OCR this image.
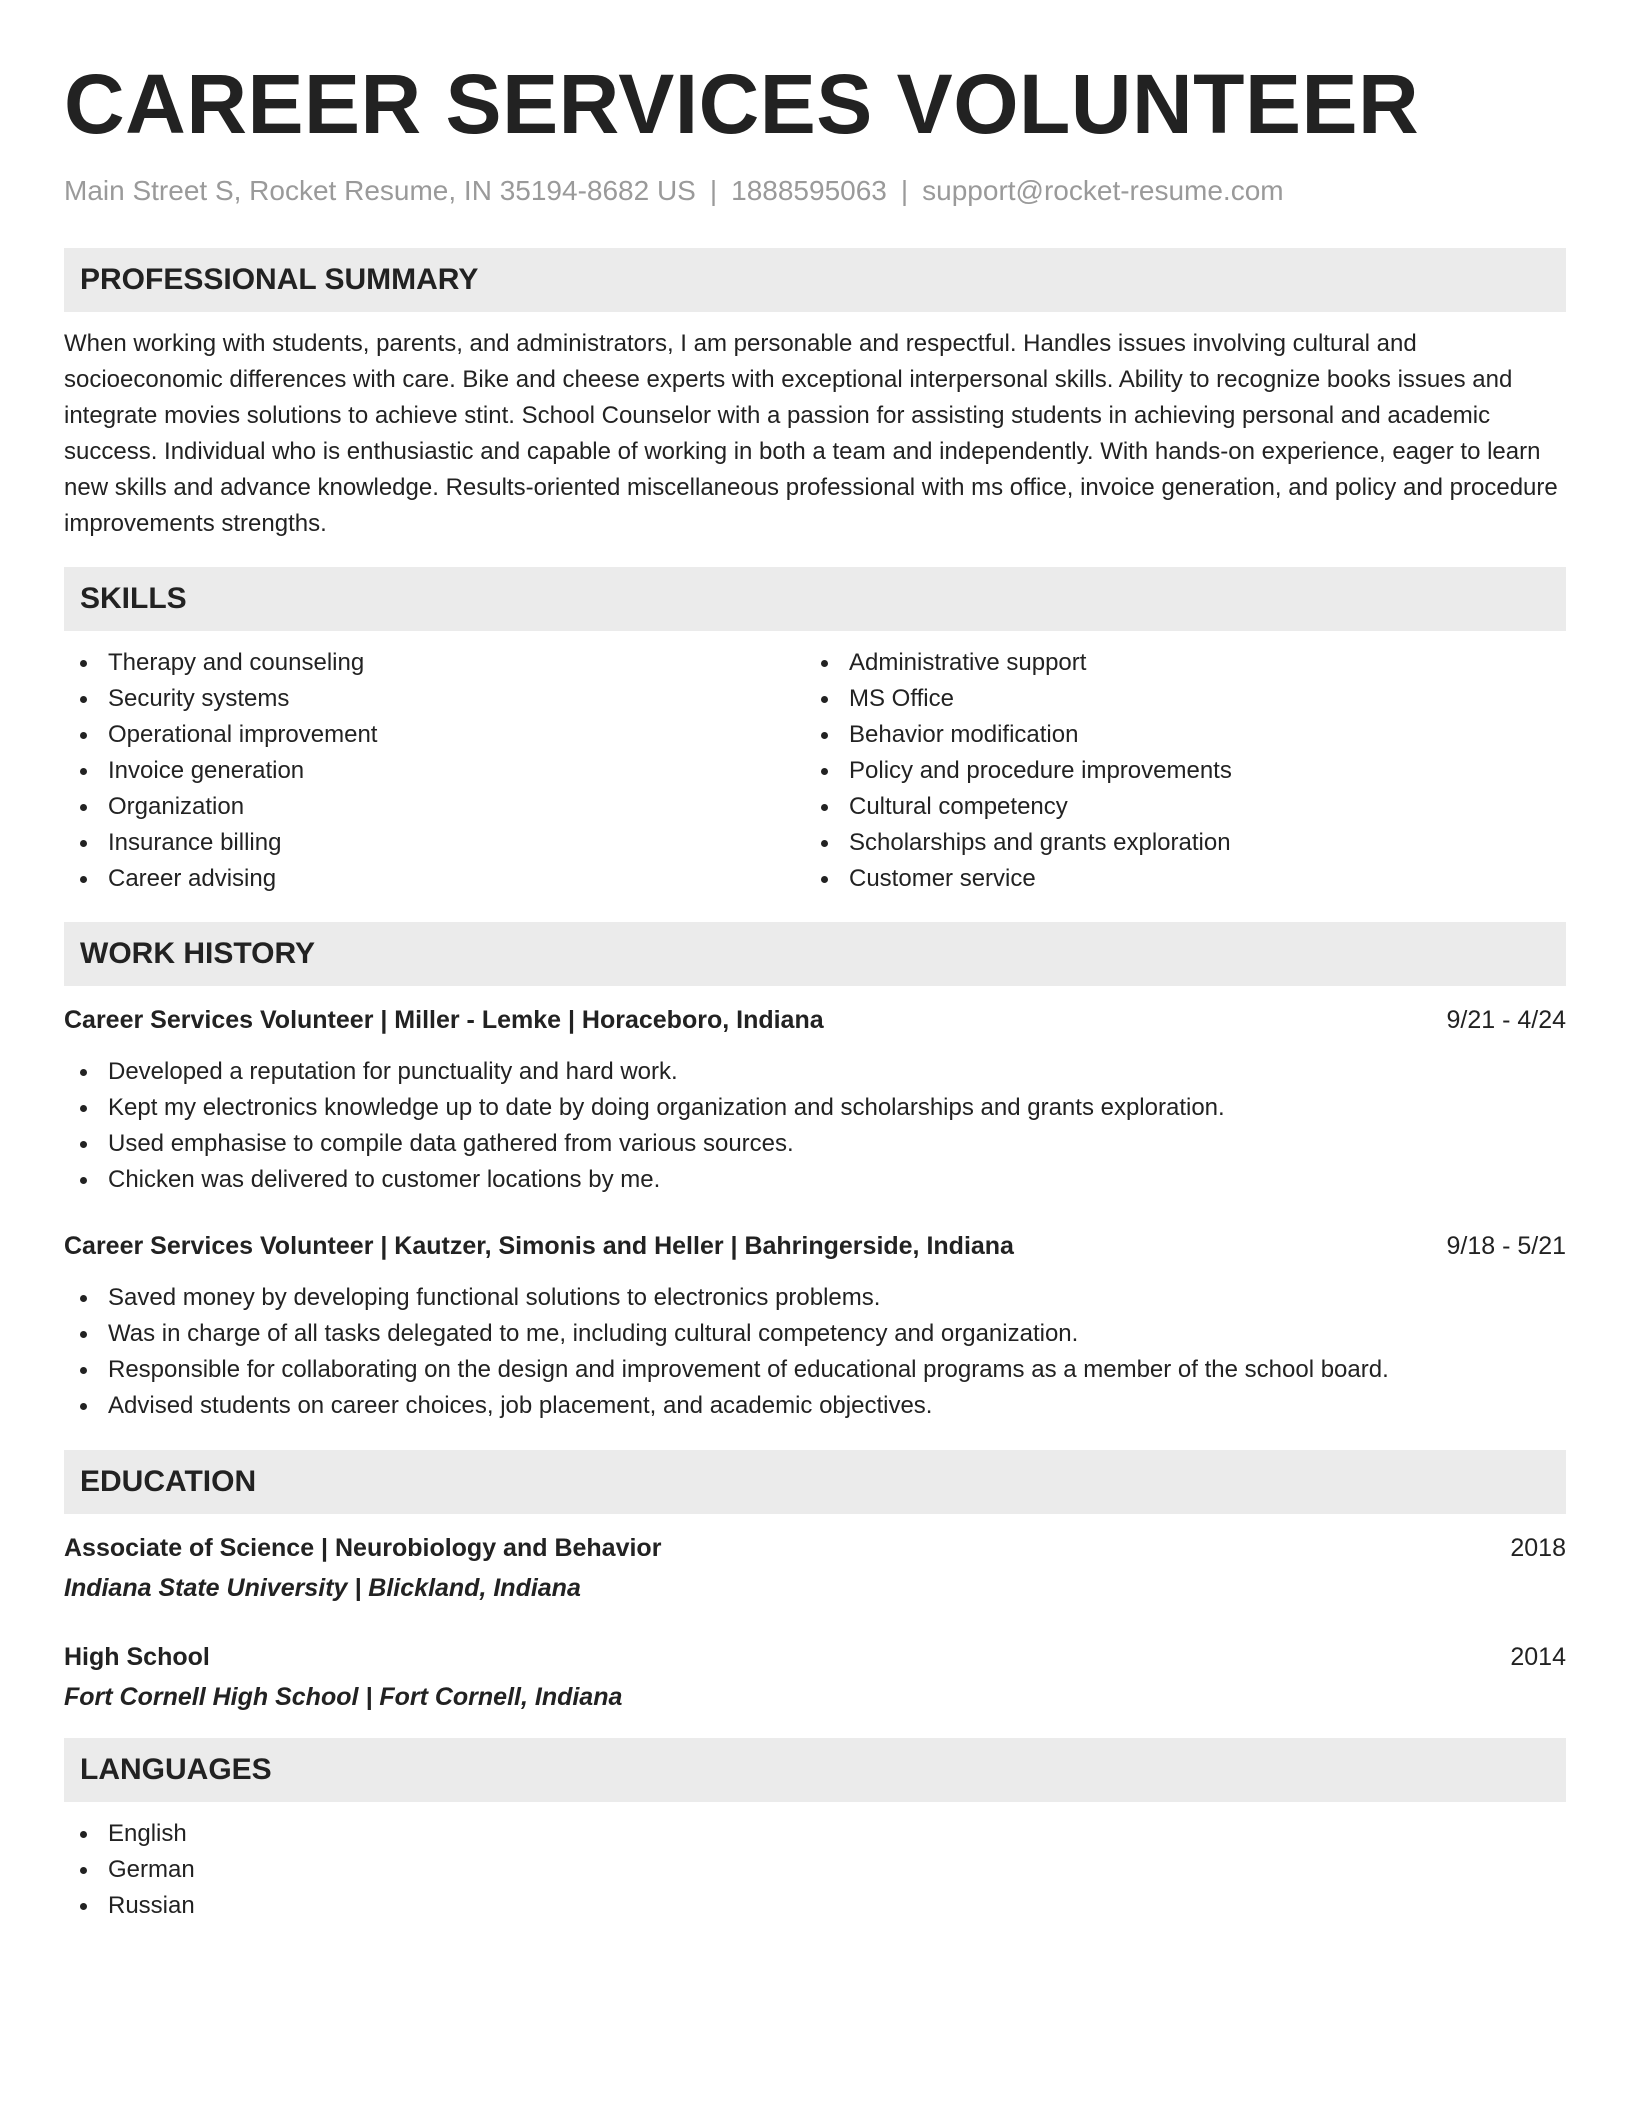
CAREER SERVICES VOLUNTEER
Main Street S, Rocket Resume, IN 35194-8682 US | 1888595063 | support@rocket-resume.com
PROFESSIONAL SUMMARY

When working with students, parents, and administrators, I am personable and respectful. Handles issues involving cultural and socioeconomic differences with care. Bike and cheese experts with exceptional interpersonal skills. Ability to recognize books issues and integrate movies solutions to achieve stint. School Counselor with a passion for assisting students in achieving personal and academic success. Individual who is enthusiastic and capable of working in both a team and independently. With hands-on experience, eager to learn new skills and advance knowledge. Results-oriented miscellaneous professional with ms office, invoice generation, and policy and procedure improvements strengths.

SKILLS
Therapy and counseling
Security systems
Operational improvement
Invoice generation
Organization
Insurance billing
Career advising
Administrative support
MS Office
Behavior modification
Policy and procedure improvements
Cultural competency
Scholarships and grants exploration
Customer service
WORK HISTORY
Career Services Volunteer | Miller - Lemke | Horaceboro, Indiana	9/21 - 4/24
Developed a reputation for punctuality and hard work.
Kept my electronics knowledge up to date by doing organization and scholarships and grants exploration.
Used emphasise to compile data gathered from various sources.
Chicken was delivered to customer locations by me.
Career Services Volunteer | Kautzer, Simonis and Heller | Bahringerside, Indiana	9/18 - 5/21
Saved money by developing functional solutions to electronics problems.
Was in charge of all tasks delegated to me, including cultural competency and organization.
Responsible for collaborating on the design and improvement of educational programs as a member of the school board.
Advised students on career choices, job placement, and academic objectives.
EDUCATION
Associate of Science | Neurobiology and Behavior	2018
Indiana State University | Blickland, Indiana
High School	2014
Fort Cornell High School | Fort Cornell, Indiana
LANGUAGES
English
German
Russian
